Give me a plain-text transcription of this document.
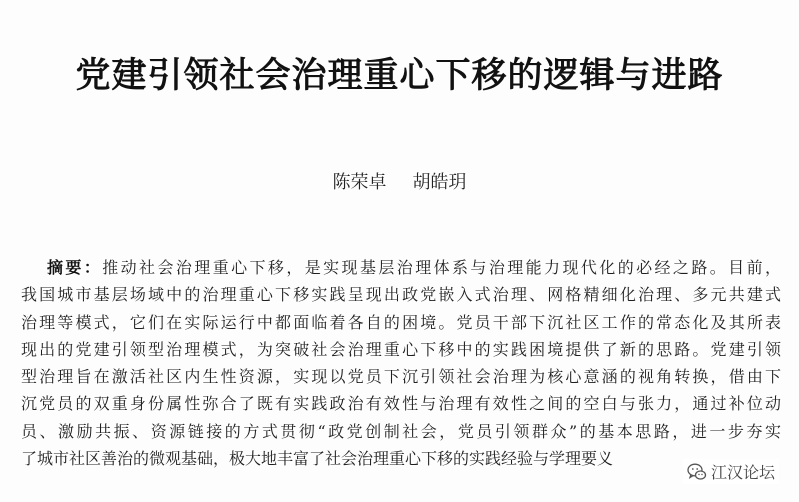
党建引领社会治理重心下移的逻辑与进路
陈荣卓 胡皓玥
摘要：推动社会治理重心下移，是实现基层治理体系与治理能力现代化的必经之路。目前，
我国城市基层场域中的治理重心下移实践呈现出政党嵌入式治理、网格精细化治理、多元共建式
治理等模式，它们在实际运行中都面临着各自的困境。党员干部下沉社区工作的常态化及其所表
现出的党建引领型治理模式，为突破社会治理重心下移中的实践困境提供了新的思路。党建引领
型治理旨在激活社区内生性资源，实现以党员下沉引领社会治理为核心意涵的视角转换，借由下
沉党员的双重身份属性弥合了既有实践政治有效性与治理有效性之间的空白与张力，通过补位动
员、激励共振、资源链接的方式贯彻“政党创制社会，党员引领群众”的基本思路，进一步夯实
了城市社区善治的微观基础，极大地丰富了社会治理重心下移的实践经验与学理要义
江汉论坛
